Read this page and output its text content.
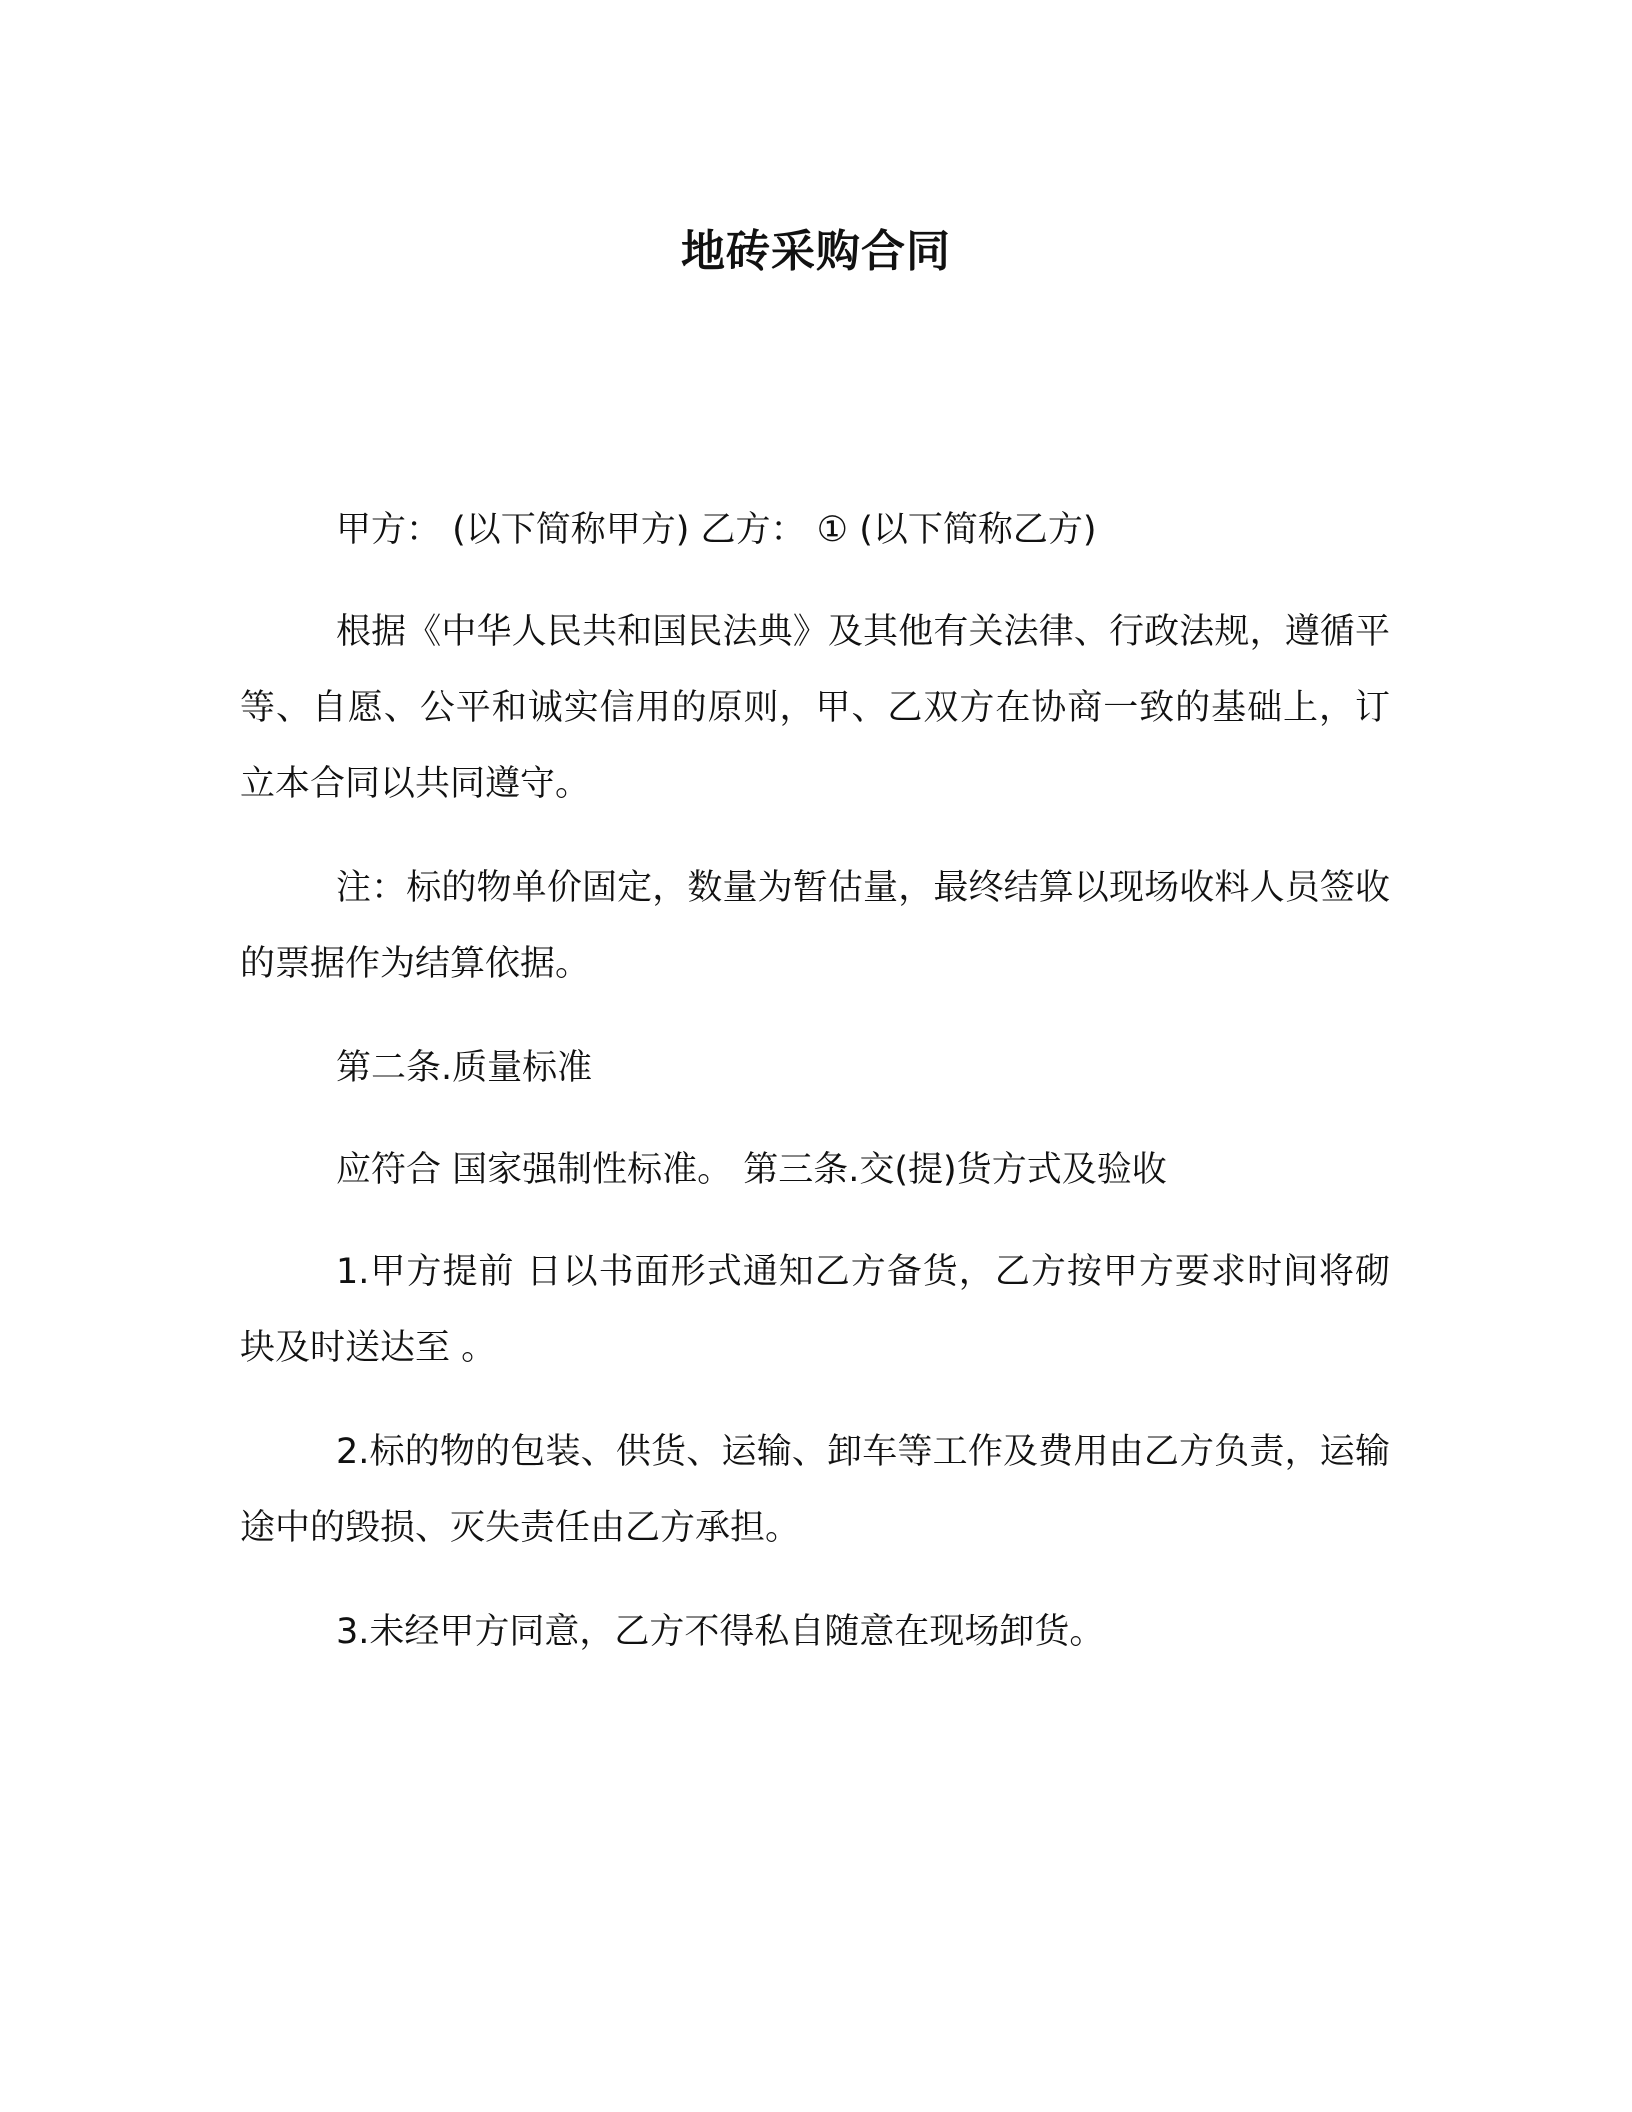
地砖采购合同

甲方： (以下简称甲方) 乙方： ① (以下简称乙方)

根据《中华人民共和国民法典》及其他有关法律、行政法规，遵循平等、自愿、公平和诚实信用的原则，甲、乙双方在协商一致的基础上，订立本合同以共同遵守。

注：标的物单价固定，数量为暂估量，最终结算以现场收料人员签收的票据作为结算依据。

第二条.质量标准

应符合 国家强制性标准。 第三条.交(提)货方式及验收

1.甲方提前 日以书面形式通知乙方备货，乙方按甲方要求时间将砌块及时送达至 。

2.标的物的包装、供货、运输、卸车等工作及费用由乙方负责，运输途中的毁损、灭失责任由乙方承担。

3.未经甲方同意，乙方不得私自随意在现场卸货。
